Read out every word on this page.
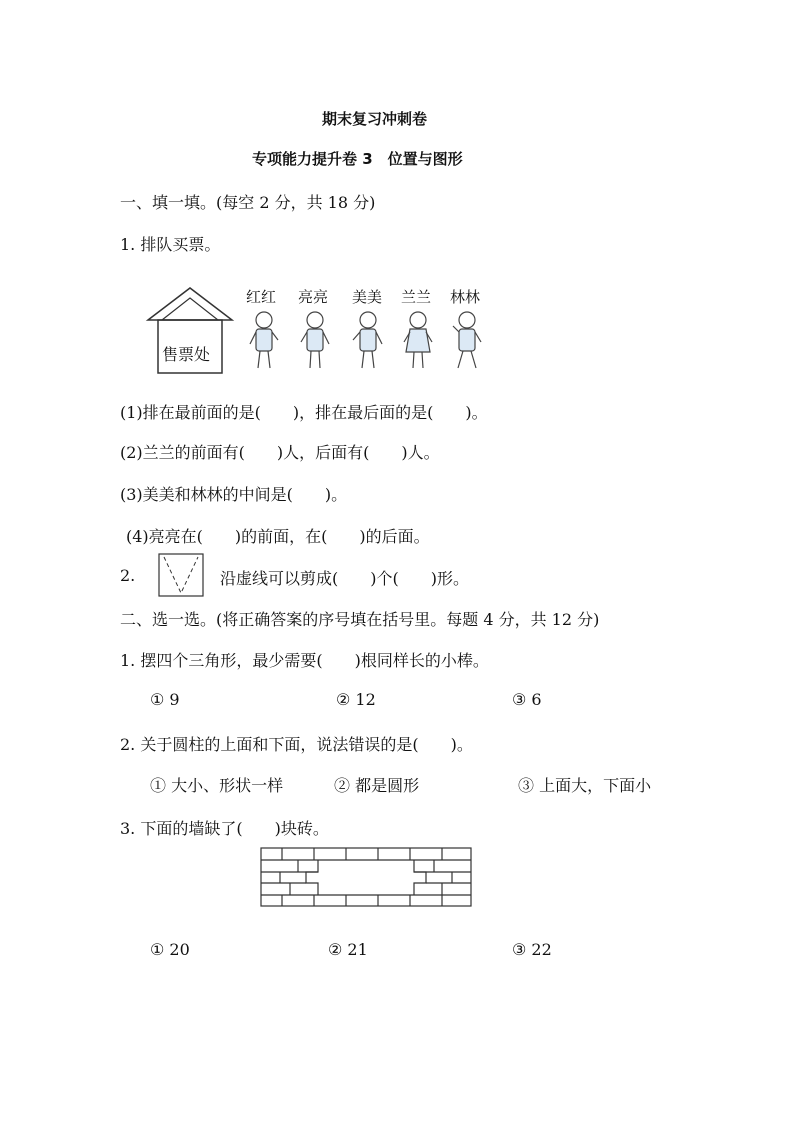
期末复习冲刺卷
专项能力提升卷 3　位置与图形
一、填一填。(每空 2 分，共 18 分)
1. 排队买票。
售票处
红红 亮亮 美美 兰兰 林林
(1)排在最前面的是(　　)，排在最后面的是(　　)。
(2)兰兰的前面有(　　)人，后面有(　　)人。
(3)美美和林林的中间是(　　)。
(4)亮亮在(　　)的前面，在(　　)的后面。
2.	沿虚线可以剪成(　　)个(　　)形。
二、选一选。(将正确答案的序号填在括号里。每题 4 分，共 12 分)
1. 摆四个三角形，最少需要(　　)根同样长的小棒。
① 9	② 12	③ 6
2. 关于圆柱的上面和下面，说法错误的是(　　)。
① 大小、形状一样	② 都是圆形	③ 上面大，下面小
3. 下面的墙缺了(　　)块砖。
① 20	② 21	③ 22
